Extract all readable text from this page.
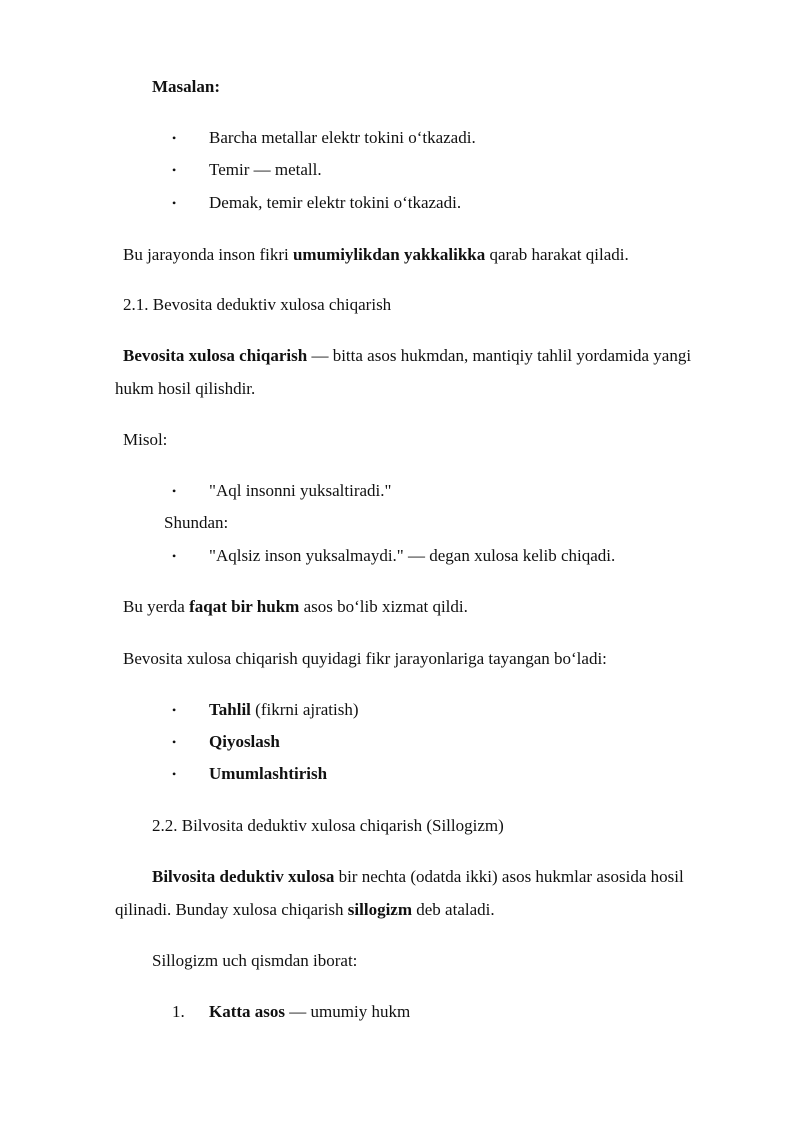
Masalan:
• Barcha metallar elektr tokini o‘tkazadi.
• Temir — metall.
• Demak, temir elektr tokini o‘tkazadi.
Bu jarayonda inson fikri umumiylikdan yakkalikka qarab harakat qiladi.
2.1. Bevosita deduktiv xulosa chiqarish
Bevosita xulosa chiqarish — bitta asos hukmdan, mantiqiy tahlil yordamida yangi
hukm hosil qilishdir.
Misol:
• "Aql insonni yuksaltiradi."
Shundan:
• "Aqlsiz inson yuksalmaydi." — degan xulosa kelib chiqadi.
Bu yerda faqat bir hukm asos bo‘lib xizmat qildi.
Bevosita xulosa chiqarish quyidagi fikr jarayonlariga tayangan bo‘ladi:
• Tahlil (fikrni ajratish)
• Qiyoslash
• Umumlashtirish
2.2. Bilvosita deduktiv xulosa chiqarish (Sillogizm)
Bilvosita deduktiv xulosa bir nechta (odatda ikki) asos hukmlar asosida hosil
qilinadi. Bunday xulosa chiqarish sillogizm deb ataladi.
Sillogizm uch qismdan iborat:
1. Katta asos — umumiy hukm
